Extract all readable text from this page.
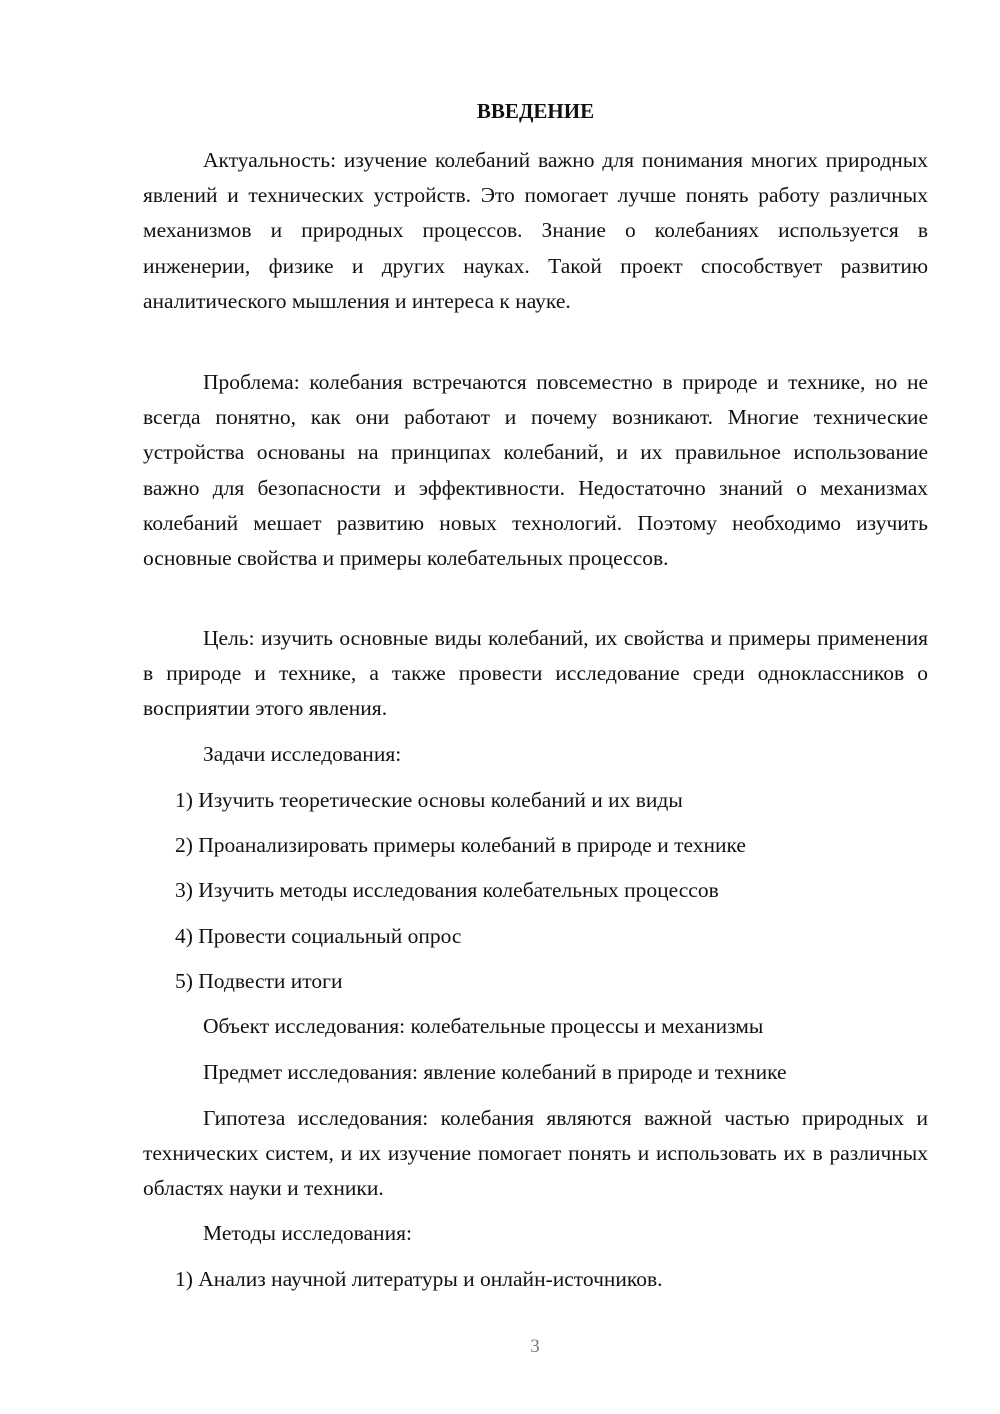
ВВЕДЕНИЕ

Актуальность: изучение колебаний важно для понимания многих природных явлений и технических устройств. Это помогает лучше понять работу различных механизмов и природных процессов. Знание о колебаниях используется в инженерии, физике и других науках. Такой проект способствует развитию аналитического мышления и интереса к науке.

Проблема: колебания встречаются повсеместно в природе и технике, но не всегда понятно, как они работают и почему возникают. Многие технические устройства основаны на принципах колебаний, и их правильное использование важно для безопасности и эффективности. Недостаточно знаний о механизмах колебаний мешает развитию новых технологий. Поэтому необходимо изучить основные свойства и примеры колебательных процессов.

Цель: изучить основные виды колебаний, их свойства и примеры применения в природе и технике, а также провести исследование среди одноклассников о восприятии этого явления.

Задачи исследования:

1) Изучить теоретические основы колебаний и их виды

2) Проанализировать примеры колебаний в природе и технике

3) Изучить методы исследования колебательных процессов

4) Провести социальный опрос

5) Подвести итоги

Объект исследования: колебательные процессы и механизмы

Предмет исследования: явление колебаний в природе и технике

Гипотеза исследования: колебания являются важной частью природных и технических систем, и их изучение помогает понять и использовать их в различных областях науки и техники.

Методы исследования:

1) Анализ научной литературы и онлайн-источников.

3
